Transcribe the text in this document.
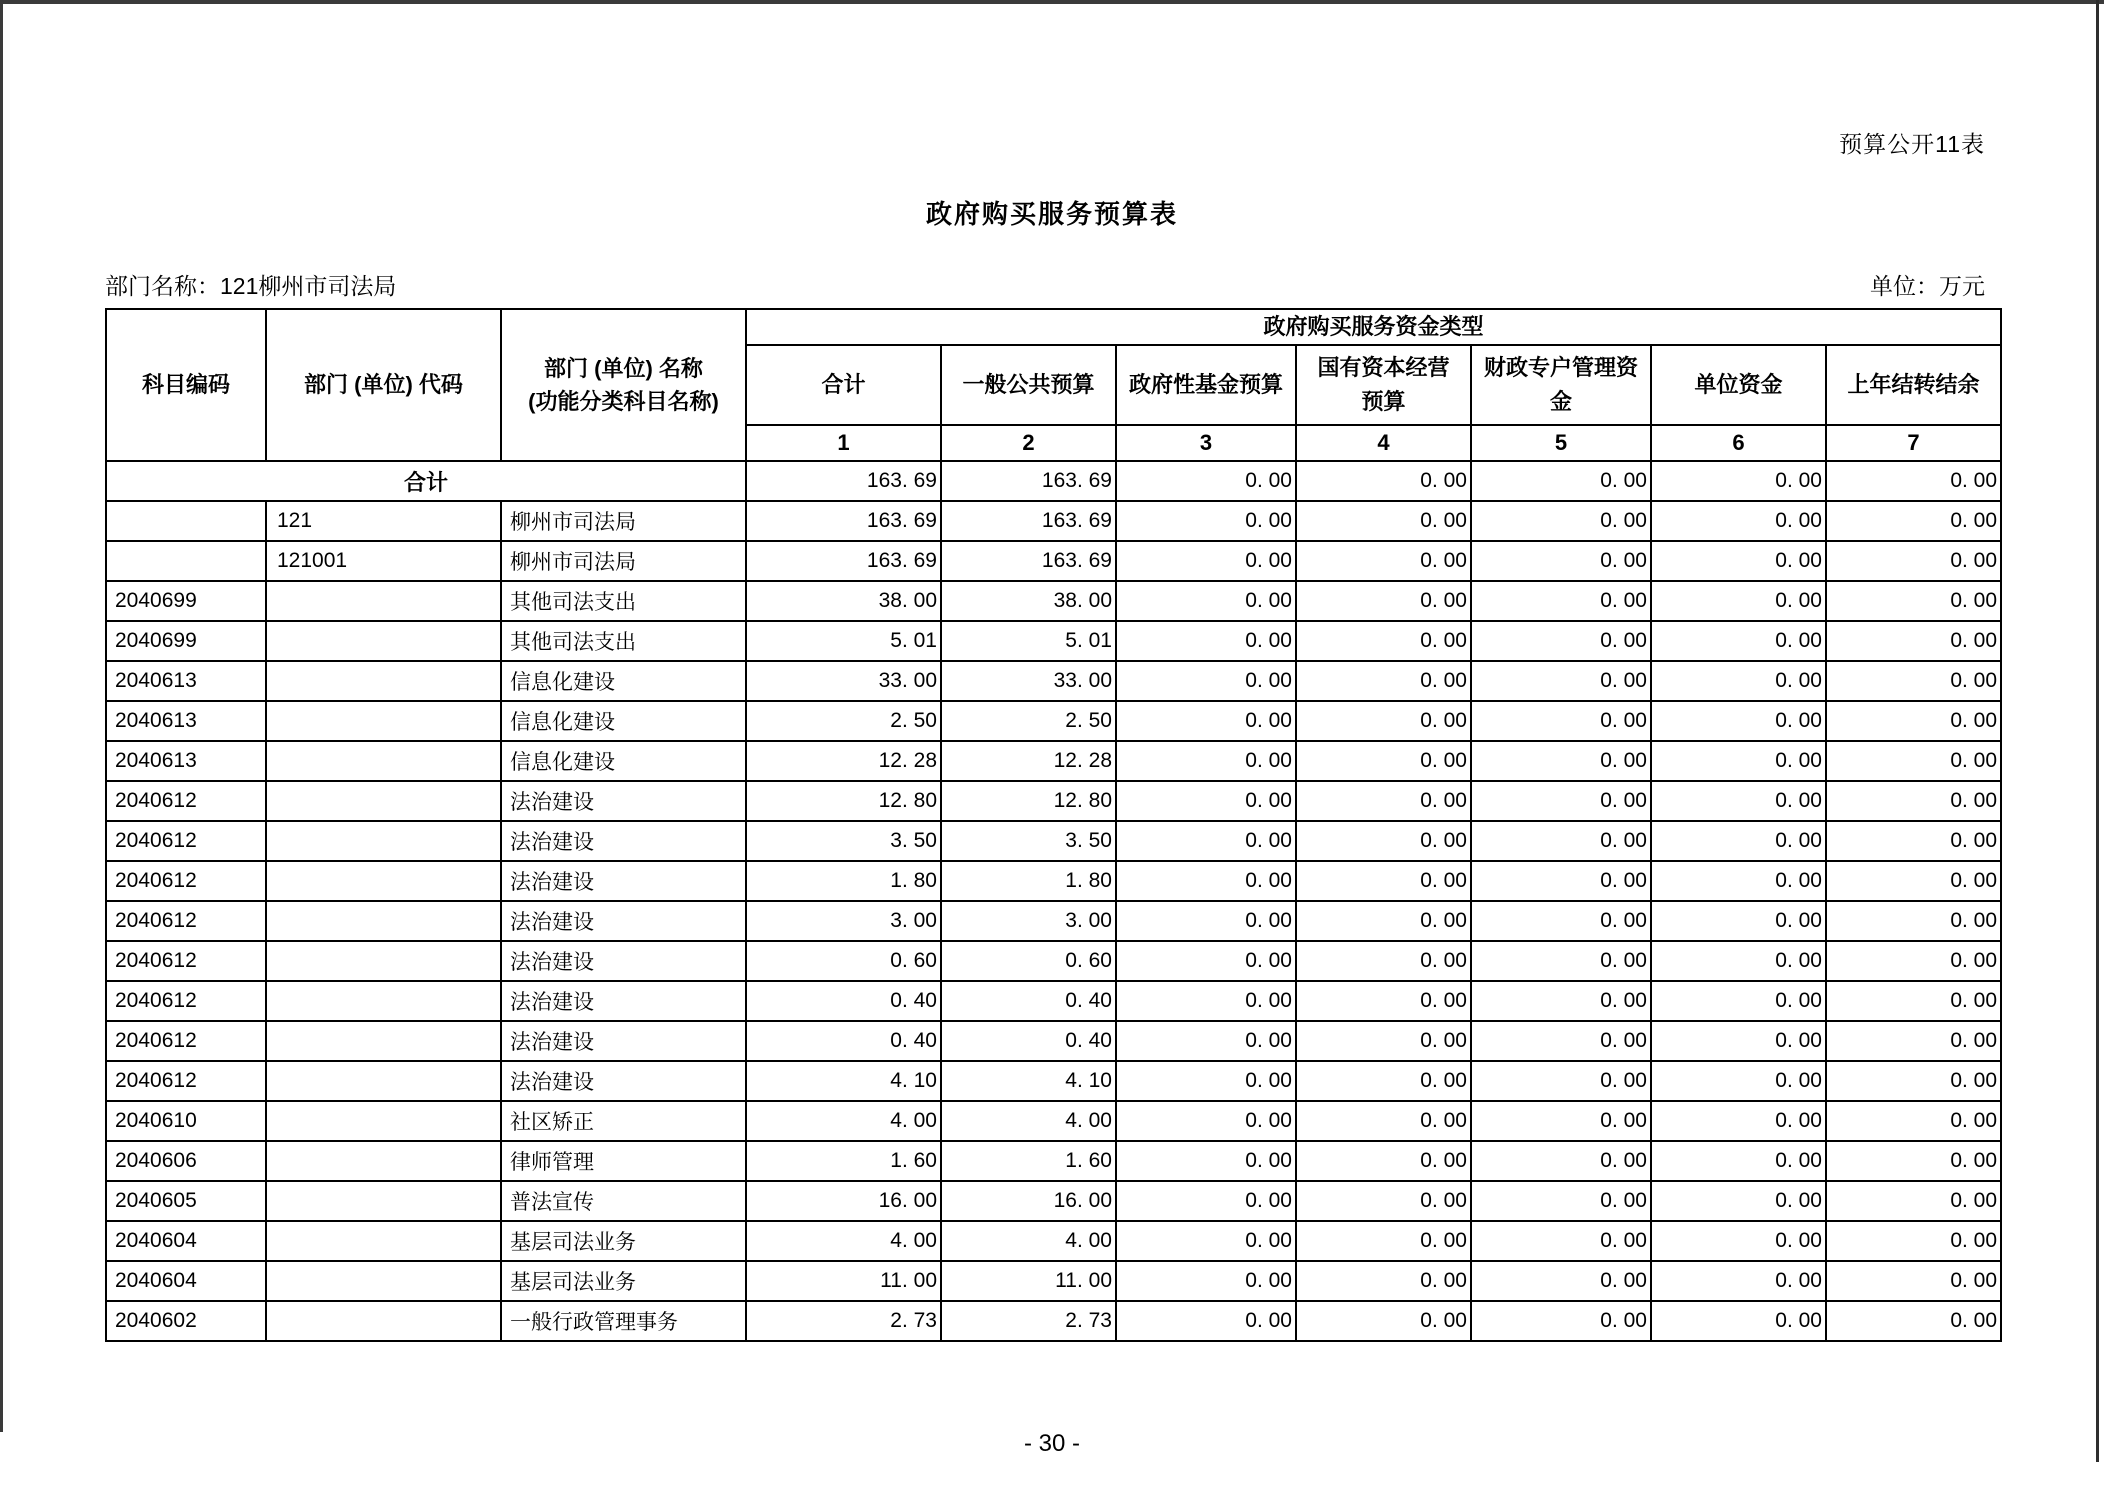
预算公开11表
政府购买服务预算表
部门名称：121柳州市司法局	单位：万元
科目编码	部门 (单位) 代码	部门 (单位) 名称
(功能分类科目名称)	政府购买服务资金类型						
			合计	一般公共预算	政府性基金预算	国有资本经营预算	财政专户管理资金	单位资金	上年结转结余
			1	2	3	4	5	6	7
合计			163. 69	163. 69	0. 00	0. 00	0. 00	0. 00	0. 00
	121	柳州市司法局	163. 69	163. 69	0. 00	0. 00	0. 00	0. 00	0. 00
	121001	柳州市司法局	163. 69	163. 69	0. 00	0. 00	0. 00	0. 00	0. 00
2040699		其他司法支出	38. 00	38. 00	0. 00	0. 00	0. 00	0. 00	0. 00
2040699		其他司法支出	5. 01	5. 01	0. 00	0. 00	0. 00	0. 00	0. 00
2040613		信息化建设	33. 00	33. 00	0. 00	0. 00	0. 00	0. 00	0. 00
2040613		信息化建设	2. 50	2. 50	0. 00	0. 00	0. 00	0. 00	0. 00
2040613		信息化建设	12. 28	12. 28	0. 00	0. 00	0. 00	0. 00	0. 00
2040612		法治建设	12. 80	12. 80	0. 00	0. 00	0. 00	0. 00	0. 00
2040612		法治建设	3. 50	3. 50	0. 00	0. 00	0. 00	0. 00	0. 00
2040612		法治建设	1. 80	1. 80	0. 00	0. 00	0. 00	0. 00	0. 00
2040612		法治建设	3. 00	3. 00	0. 00	0. 00	0. 00	0. 00	0. 00
2040612		法治建设	0. 60	0. 60	0. 00	0. 00	0. 00	0. 00	0. 00
2040612		法治建设	0. 40	0. 40	0. 00	0. 00	0. 00	0. 00	0. 00
2040612		法治建设	0. 40	0. 40	0. 00	0. 00	0. 00	0. 00	0. 00
2040612		法治建设	4. 10	4. 10	0. 00	0. 00	0. 00	0. 00	0. 00
2040610		社区矫正	4. 00	4. 00	0. 00	0. 00	0. 00	0. 00	0. 00
2040606		律师管理	1. 60	1. 60	0. 00	0. 00	0. 00	0. 00	0. 00
2040605		普法宣传	16. 00	16. 00	0. 00	0. 00	0. 00	0. 00	0. 00
2040604		基层司法业务	4. 00	4. 00	0. 00	0. 00	0. 00	0. 00	0. 00
2040604		基层司法业务	11. 00	11. 00	0. 00	0. 00	0. 00	0. 00	0. 00
2040602		一般行政管理事务	2. 73	2. 73	0. 00	0. 00	0. 00	0. 00	0. 00
- 30 -
